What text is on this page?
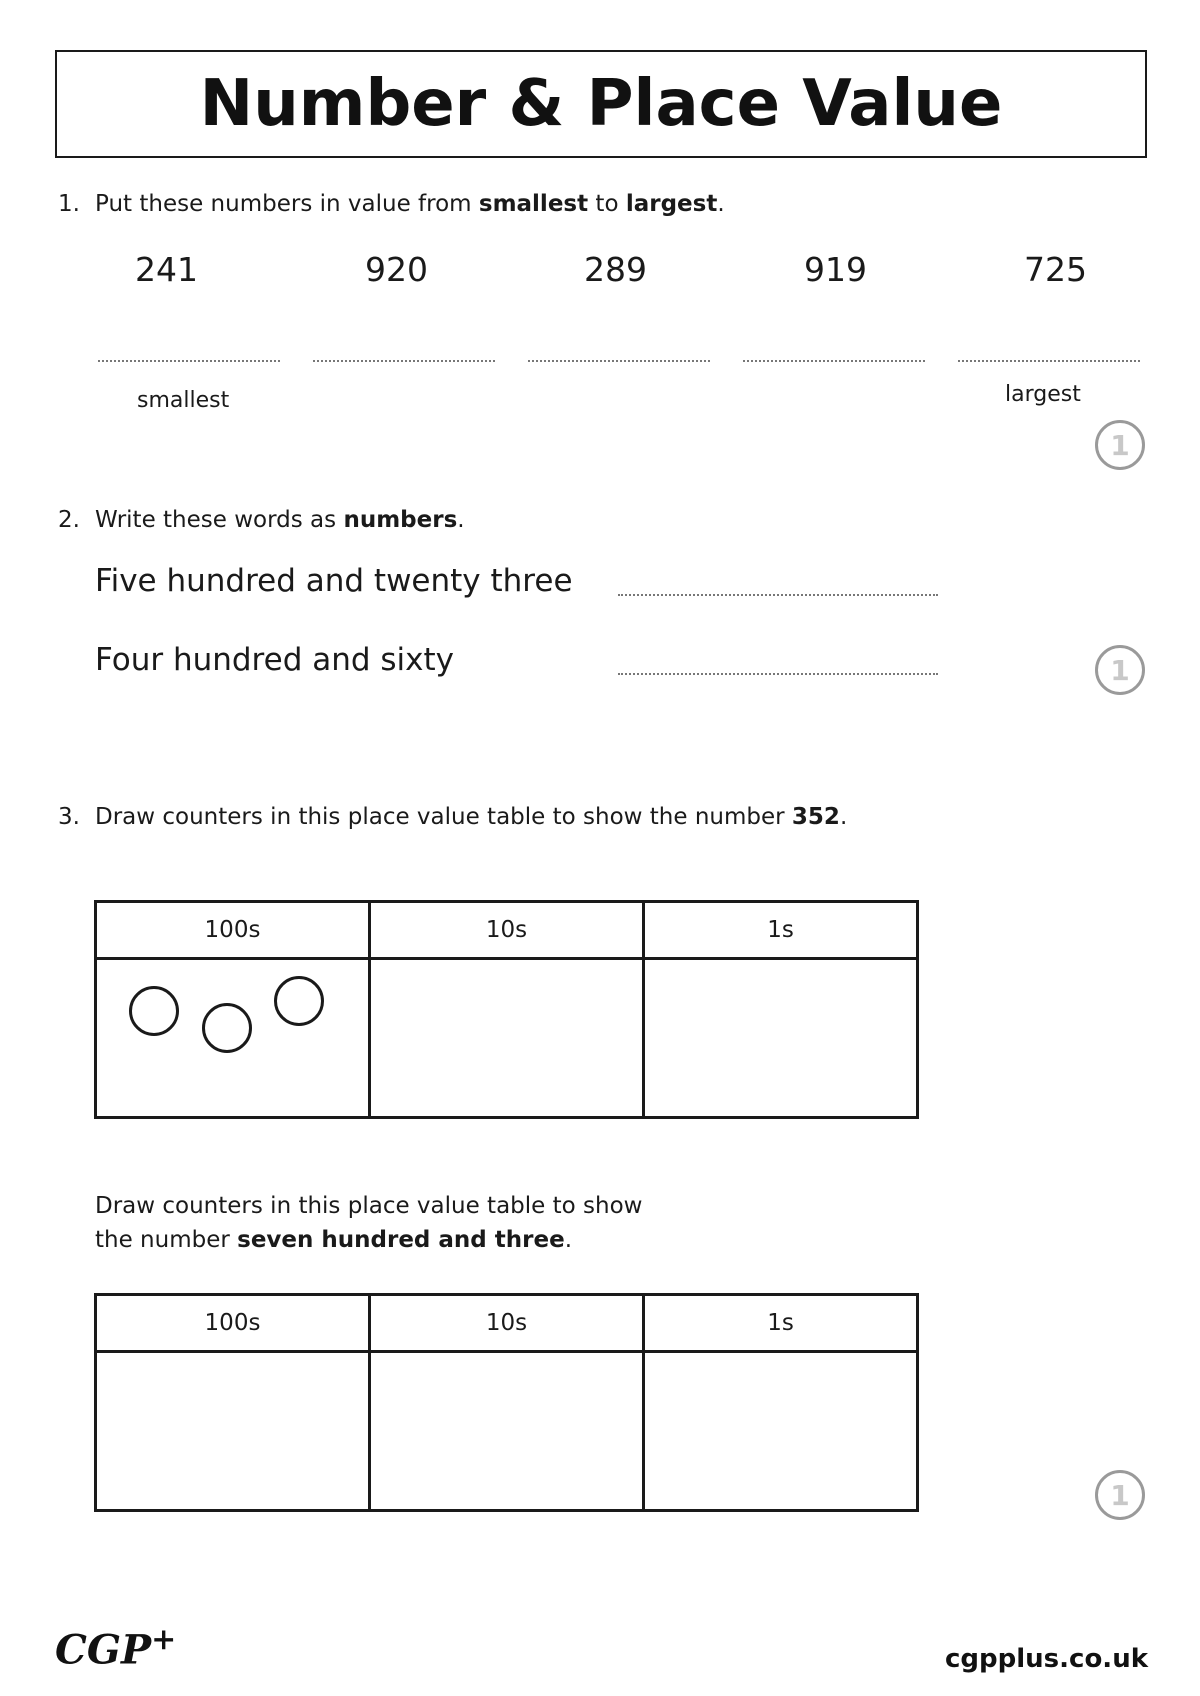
Number & Place Value
1. Put these numbers in value from smallest to largest.
241	920	289	919	725
smallest	largest
1
2. Write these words as numbers.
Five hundred and twenty three
Four hundred and sixty	1
3. Draw counters in this place value table to show the number 352.
100s	10s	1s

Draw counters in this place value table to show
the number seven hundred and three.
100s	10s	1s

1
CGP+
cgpplus.co.uk
